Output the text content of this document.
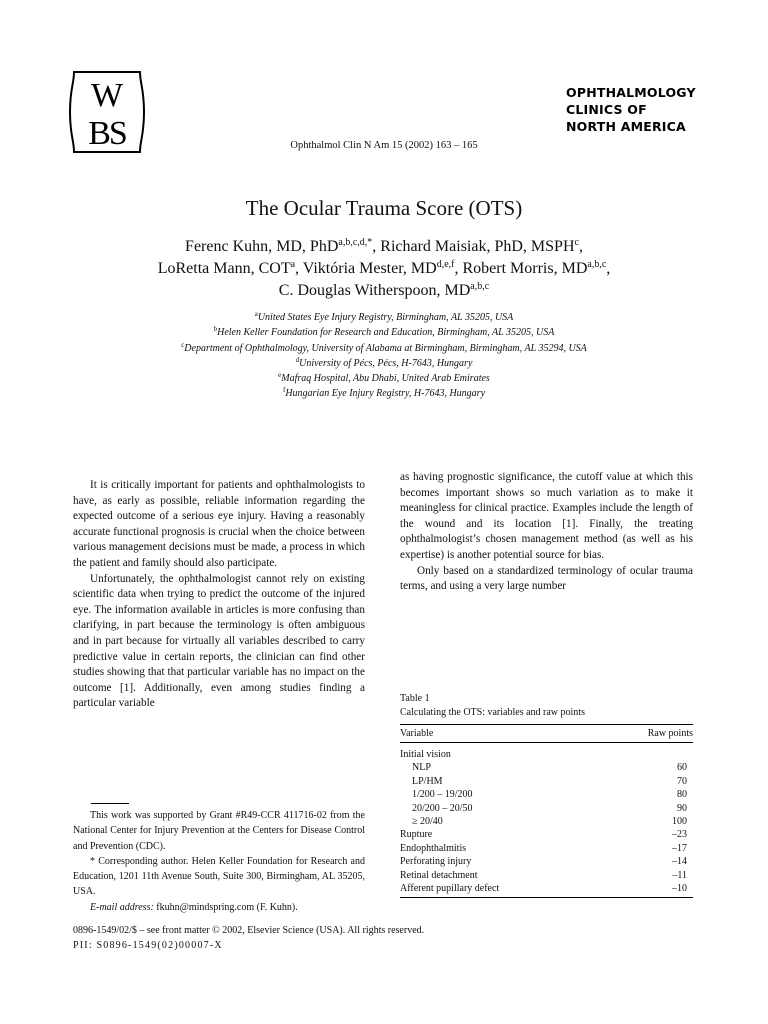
W
BS
OPHTHALMOLOGY
CLINICS OF
NORTH AMERICA
Ophthalmol Clin N Am 15 (2002) 163 – 165
The Ocular Trauma Score (OTS)
Ferenc Kuhn, MD, PhD$^{a,b,c,d,*}$, Richard Maisiak, PhD, MSPH$^c$,
LoRetta Mann, COT$^a$, Viktória Mester, MD$^{d,e,f}$, Robert Morris, MD$^{a,b,c}$,
C. Douglas Witherspoon, MD$^{a,b,c}$
$^a$United States Eye Injury Registry, Birmingham, AL 35205, USA
$^b$Helen Keller Foundation for Research and Education, Birmingham, AL 35205, USA
$^c$Department of Ophthalmology, University of Alabama at Birmingham, Birmingham, AL 35294, USA
$^d$University of Pécs, Pécs, H-7643, Hungary
$^e$Mafraq Hospital, Abu Dhabi, United Arab Emirates
$^f$Hungarian Eye Injury Registry, H-7643, Hungary

It is critically important for patients and ophthalmologists to have, as early as possible, reliable information regarding the expected outcome of a serious eye injury. Having a reasonably accurate functional prognosis is crucial when the choice between various management decisions must be made, a process in which the patient and family should also participate.

Unfortunately, the ophthalmologist cannot rely on existing scientific data when trying to predict the outcome of the injured eye. The information available in articles is more confusing than clarifying, in part because the terminology is often ambiguous and in part because for virtually all variables described to carry predictive value in certain reports, the clinician can find other studies showing that that particular variable has no impact on the outcome [1]. Additionally, even among studies finding a particular variable

as having prognostic significance, the cutoff value at which this becomes important shows so much variation as to make it meaningless for clinical practice. Examples include the length of the wound and its location [1]. Finally, the treating ophthalmologist’s chosen management method (as well as his expertise) is another potential source for bias.

Only based on a standardized terminology of ocular trauma terms, and using a very large number

This work was supported by Grant #R49-CCR 411716-02 from the National Center for Injury Prevention at the Centers for Disease Control and Prevention (CDC).

* Corresponding author. Helen Keller Foundation for Research and Education, 1201 11th Avenue South, Suite 300, Birmingham, AL 35205, USA.

E-mail address: fkuhn@mindspring.com (F. Kuhn).

Table 1
Calculating the OTS: variables and raw points
Variable	Raw points
Initial vision	
NLP	60
LP/HM	70
1/200 – 19/200	80
20/200 – 20/50	90
≥ 20/40	100
Rupture	–23
Endophthalmitis	–17
Perforating injury	–14
Retinal detachment	–11
Afferent pupillary defect	–10
0896-1549/02/$ – see front matter © 2002, Elsevier Science (USA). All rights reserved.
PII: S0896-1549(02)00007-X
